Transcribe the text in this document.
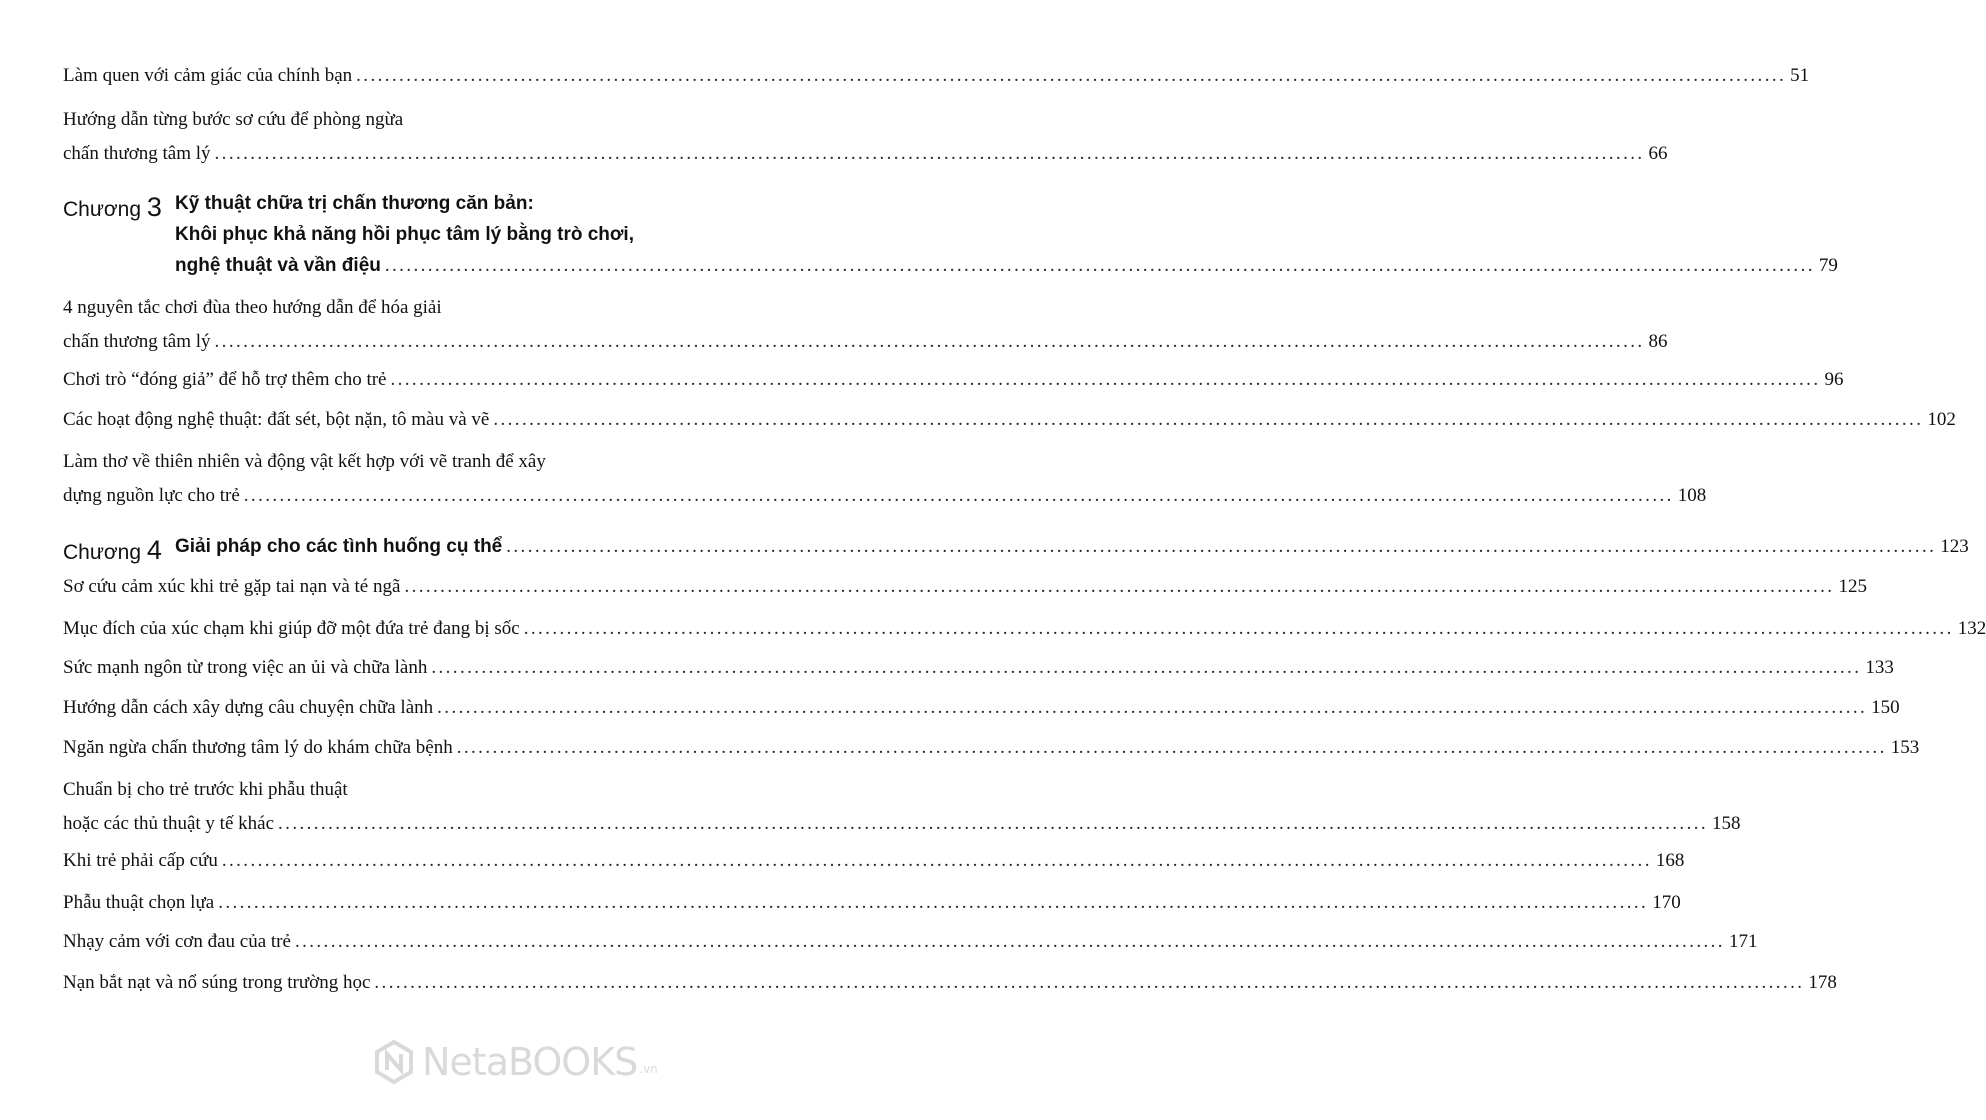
Làm quen với cảm giác của chính bạn ........................................................................................................................................................................................................ 51
Hướng dẫn từng bước sơ cứu để phòng ngừa
chấn thương tâm lý ........................................................................................................................................................................................................ 66
Chương 3 Kỹ thuật chữa trị chấn thương căn bản:
Khôi phục khả năng hồi phục tâm lý bằng trò chơi,
nghệ thuật và vần điệu ........................................................................................................................................................................................................ 79
4 nguyên tắc chơi đùa theo hướng dẫn để hóa giải
chấn thương tâm lý ........................................................................................................................................................................................................ 86
Chơi trò “đóng giả” để hỗ trợ thêm cho trẻ ........................................................................................................................................................................................................ 96
Các hoạt động nghệ thuật: đất sét, bột nặn, tô màu và vẽ ........................................................................................................................................................................................................ 102
Làm thơ về thiên nhiên và động vật kết hợp với vẽ tranh để xây
dựng nguồn lực cho trẻ ........................................................................................................................................................................................................ 108
Chương 4 Giải pháp cho các tình huống cụ thể ........................................................................................................................................................................................................ 123
Sơ cứu cảm xúc khi trẻ gặp tai nạn và té ngã ........................................................................................................................................................................................................ 125
Mục đích của xúc chạm khi giúp đỡ một đứa trẻ đang bị sốc ........................................................................................................................................................................................................ 132
Sức mạnh ngôn từ trong việc an ủi và chữa lành ........................................................................................................................................................................................................ 133
Hướng dẫn cách xây dựng câu chuyện chữa lành ........................................................................................................................................................................................................ 150
Ngăn ngừa chấn thương tâm lý do khám chữa bệnh ........................................................................................................................................................................................................ 153
Chuẩn bị cho trẻ trước khi phẫu thuật
hoặc các thủ thuật y tế khác ........................................................................................................................................................................................................ 158
Khi trẻ phải cấp cứu ........................................................................................................................................................................................................ 168
Phẫu thuật chọn lựa ........................................................................................................................................................................................................ 170
Nhạy cảm với cơn đau của trẻ ........................................................................................................................................................................................................ 171
Nạn bắt nạt và nổ súng trong trường học ........................................................................................................................................................................................................ 178
NetaBOOKS .vn
